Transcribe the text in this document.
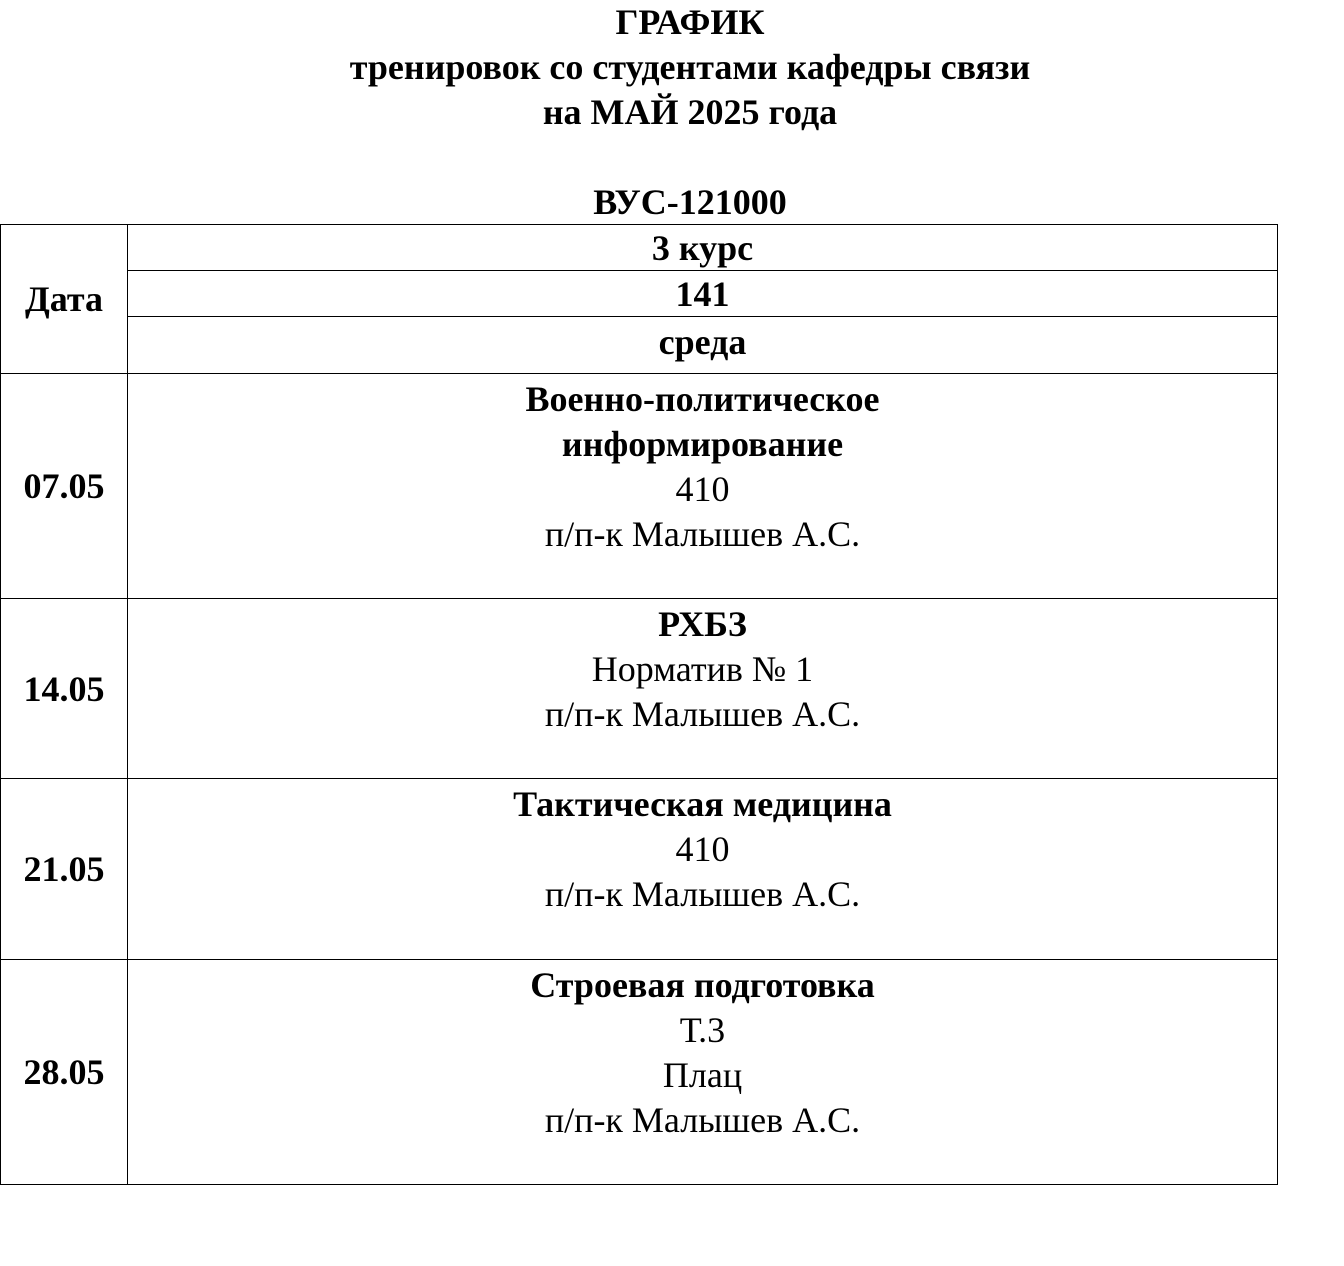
ГРАФИК
тренировок со студентами кафедры связи
на МАЙ 2025 года
ВУС-121000
Дата	3 курс
	141
	среда
07.05	Военно-политическое
информирование
410
п/п-к Малышев А.С.

14.05	РХБЗ
Норматив № 1
п/п-к Малышев А.С.

21.05	Тактическая медицина
410
п/п-к Малышев А.С.

28.05	Строевая подготовка
Т.3
Плац
п/п-к Малышев А.С.
